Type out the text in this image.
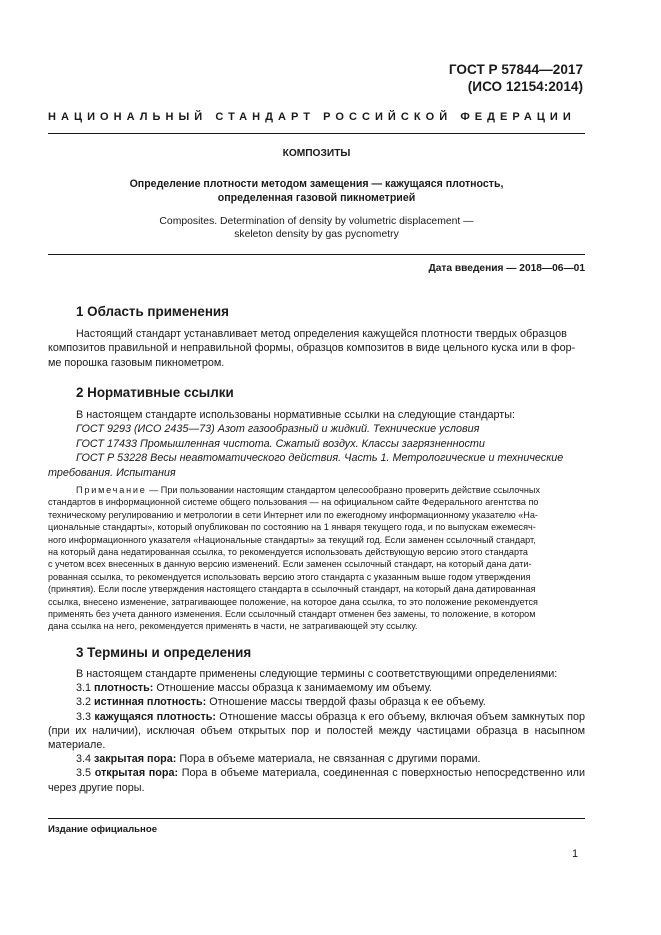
ГОСТ Р 57844—2017
(ИСО 12154:2014)
НАЦИОНАЛЬНЫЙ СТАНДАРТ РОССИЙСКОЙ ФЕДЕРАЦИИ
КОМПОЗИТЫ
Определение плотности методом замещения — кажущаяся плотность,
определенная газовой пикнометрией
Composites. Determination of density by volumetric displacement —
skeleton density by gas pycnometry
Дата введения — 2018—06—01
1 Область применения
Настоящий стандарт устанавливает метод определения кажущейся плотности твердых образцов
композитов правильной и неправильной формы, образцов композитов в виде цельного куска или в фор-
ме порошка газовым пикнометром.
2 Нормативные ссылки
В настоящем стандарте использованы нормативные ссылки на следующие стандарты:
ГОСТ 9293 (ИСО 2435—73) Азот газообразный и жидкий. Технические условия
ГОСТ 17433 Промышленная чистота. Сжатый воздух. Классы загрязненности
ГОСТ Р 53228 Весы неавтоматического действия. Часть 1. Метрологические и технические
требования. Испытания
Примечание — При пользовании настоящим стандартом целесообразно проверить действие ссылочных
стандартов в информационной системе общего пользования — на официальном сайте Федерального агентства по
техническому регулированию и метрологии в сети Интернет или по ежегодному информационному указателю «На-
циональные стандарты», который опубликован по состоянию на 1 января текущего года, и по выпускам ежемесяч-
ного информационного указателя «Национальные стандарты» за текущий год. Если заменен ссылочный стандарт,
на который дана недатированная ссылка, то рекомендуется использовать действующую версию этого стандарта
с учетом всех внесенных в данную версию изменений. Если заменен ссылочный стандарт, на который дана дати-
рованная ссылка, то рекомендуется использовать версию этого стандарта с указанным выше годом утверждения
(принятия). Если после утверждения настоящего стандарта в ссылочный стандарт, на который дана датированная
ссылка, внесено изменение, затрагивающее положение, на которое дана ссылка, то это положение рекомендуется
применять без учета данного изменения. Если ссылочный стандарт отменен без замены, то положение, в котором
дана ссылка на него, рекомендуется применять в части, не затрагивающей эту ссылку.
3 Термины и определения
В настоящем стандарте применены следующие термины с соответствующими определениями:
3.1 плотность: Отношение массы образца к занимаемому им объему.
3.2 истинная плотность: Отношение массы твердой фазы образца к ее объему.
3.3 кажущаяся плотность: Отношение массы образца к его объему, включая объем замкнутых пор (при их наличии), исключая объем открытых пор и полостей между частицами образца в насыпном материале.
3.4 закрытая пора: Пора в объеме материала, не связанная с другими порами.
3.5 открытая пора: Пора в объеме материала, соединенная с поверхностью непосредственно или через другие поры.
Издание официальное
1
